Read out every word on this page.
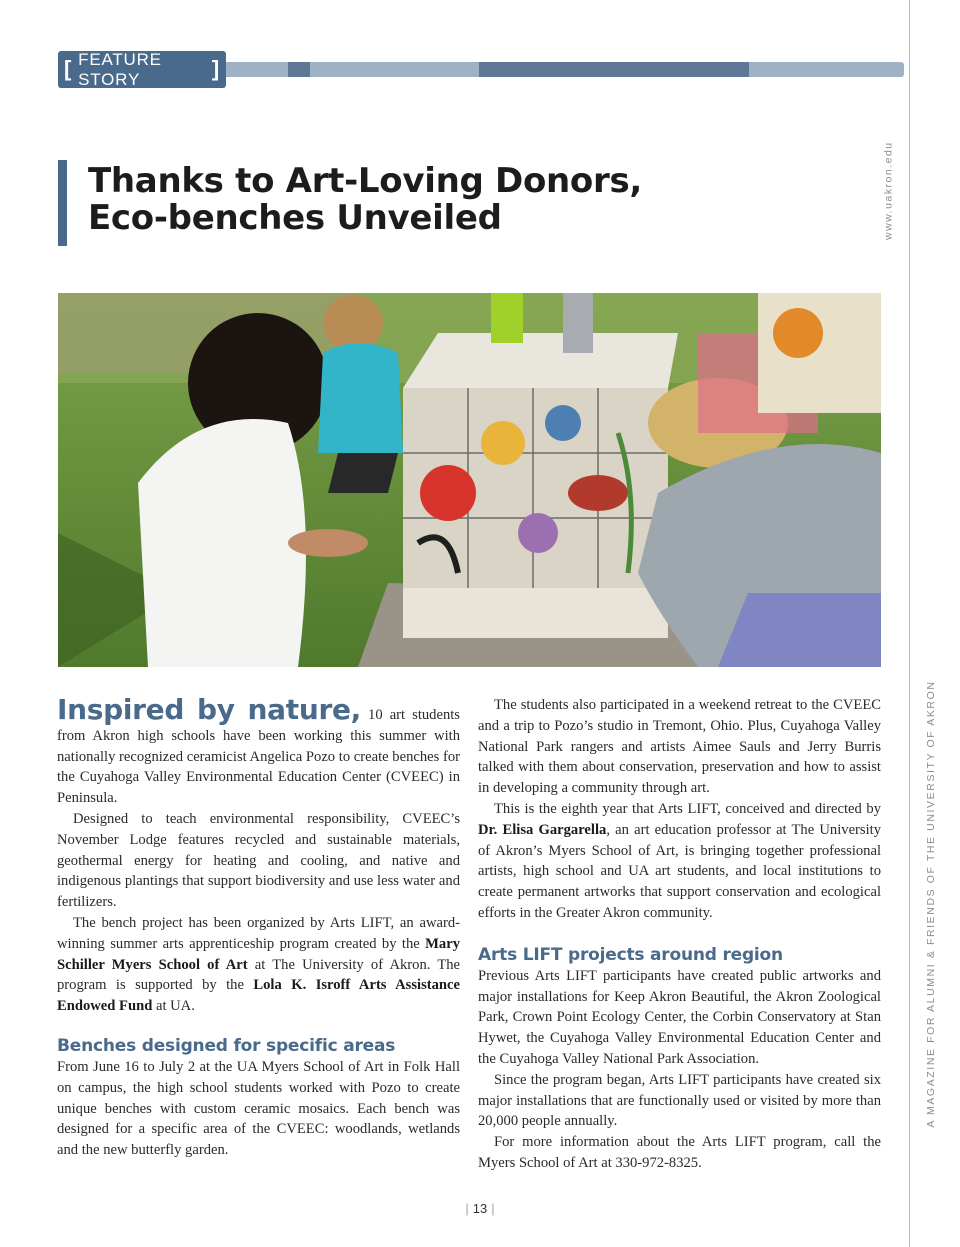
www.uakron.edu
A MAGAZINE FOR ALUMNI & FRIENDS OF THE UNIVERSITY OF AKRON
[ FEATURE STORY	]
Thanks to Art-Loving Donors,
Eco-benches Unveiled

Inspired by nature, 10 art students from Akron high schools have been working this summer with nationally recognized ceramicist Angelica Pozo to create benches for the Cuyahoga Valley Environmental Education Center (CVEEC) in Peninsula.

Designed to teach environmental responsibility, CVEEC’s November Lodge features recycled and sustainable materials, geothermal energy for heating and cooling, and native and indigenous plantings that support biodiversity and use less water and fertilizers.

The bench project has been organized by Arts LIFT, an award-winning summer arts apprenticeship program created by the Mary Schiller Myers School of Art at The University of Akron. The program is supported by the Lola K. Isroff Arts Assistance Endowed Fund at UA.

Benches designed for specific areas

From June 16 to July 2 at the UA Myers School of Art in Folk Hall on campus, the high school students worked with Pozo to create unique benches with custom ceramic mosaics. Each bench was designed for a specific area of the CVEEC: woodlands, wetlands and the new butterfly garden.

The students also participated in a weekend retreat to the CVEEC and a trip to Pozo’s studio in Tremont, Ohio. Plus, Cuyahoga Valley National Park rangers and artists Aimee Sauls and Jerry Burris talked with them about conservation, preservation and how to assist in developing a community through art.

This is the eighth year that Arts LIFT, conceived and directed by Dr. Elisa Gargarella, an art education professor at The University of Akron’s Myers School of Art, is bringing together professional artists, high school and UA art students, and local institutions to create permanent artworks that support conservation and ecological efforts in the Greater Akron community.

Arts LIFT projects around region

Previous Arts LIFT participants have created public artworks and major installations for Keep Akron Beautiful, the Akron Zoological Park, Crown Point Ecology Center, the Corbin Conservatory at Stan Hywet, the Cuyahoga Valley Environmental Education Center and the Cuyahoga Valley National Park Association.

Since the program began, Arts LIFT participants have created six major installations that are functionally used or visited by more than 20,000 people annually.

For more information about the Arts LIFT program, call the Myers School of Art at 330-972-8325.

| 13 |
